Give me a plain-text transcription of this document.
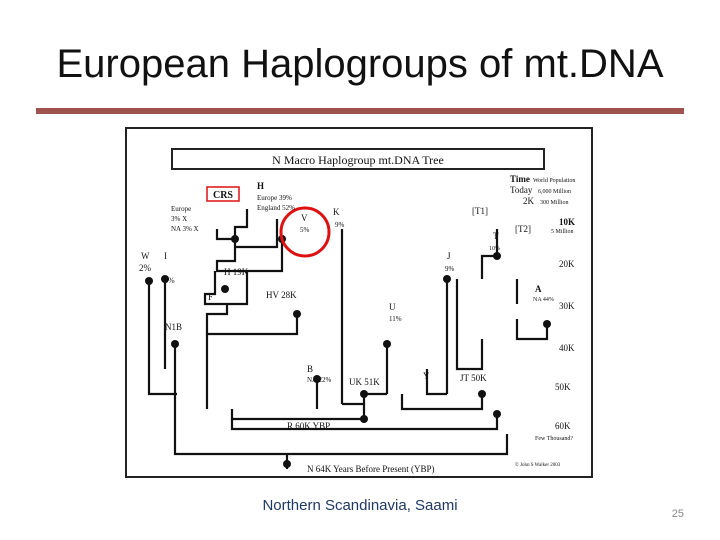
European Haplogroups of mt.DNA
N Macro Haplogroup mt.DNA Tree
CRS
H
Europe 39%
England 52%
Europe
3% X
NA 3% X
V
5%
K
9%
W
2%
I
5%
H 19K
F	HV 28K
N1B
U
11%
B
NA 22% UK 51K
Y	JT 50K
R 60K YBP
N 64K Years Before Present (YBP)
Time World Population
Today 6,000 Million
2K 300 Million
[T1]
10K
[T2]	5 Million
T
10%
J
9%	20K
A
NA 44%
30K
40K
50K
60K
Few Thousand?
© John S Walker 2003
Northern Scandinavia, Saami	25
